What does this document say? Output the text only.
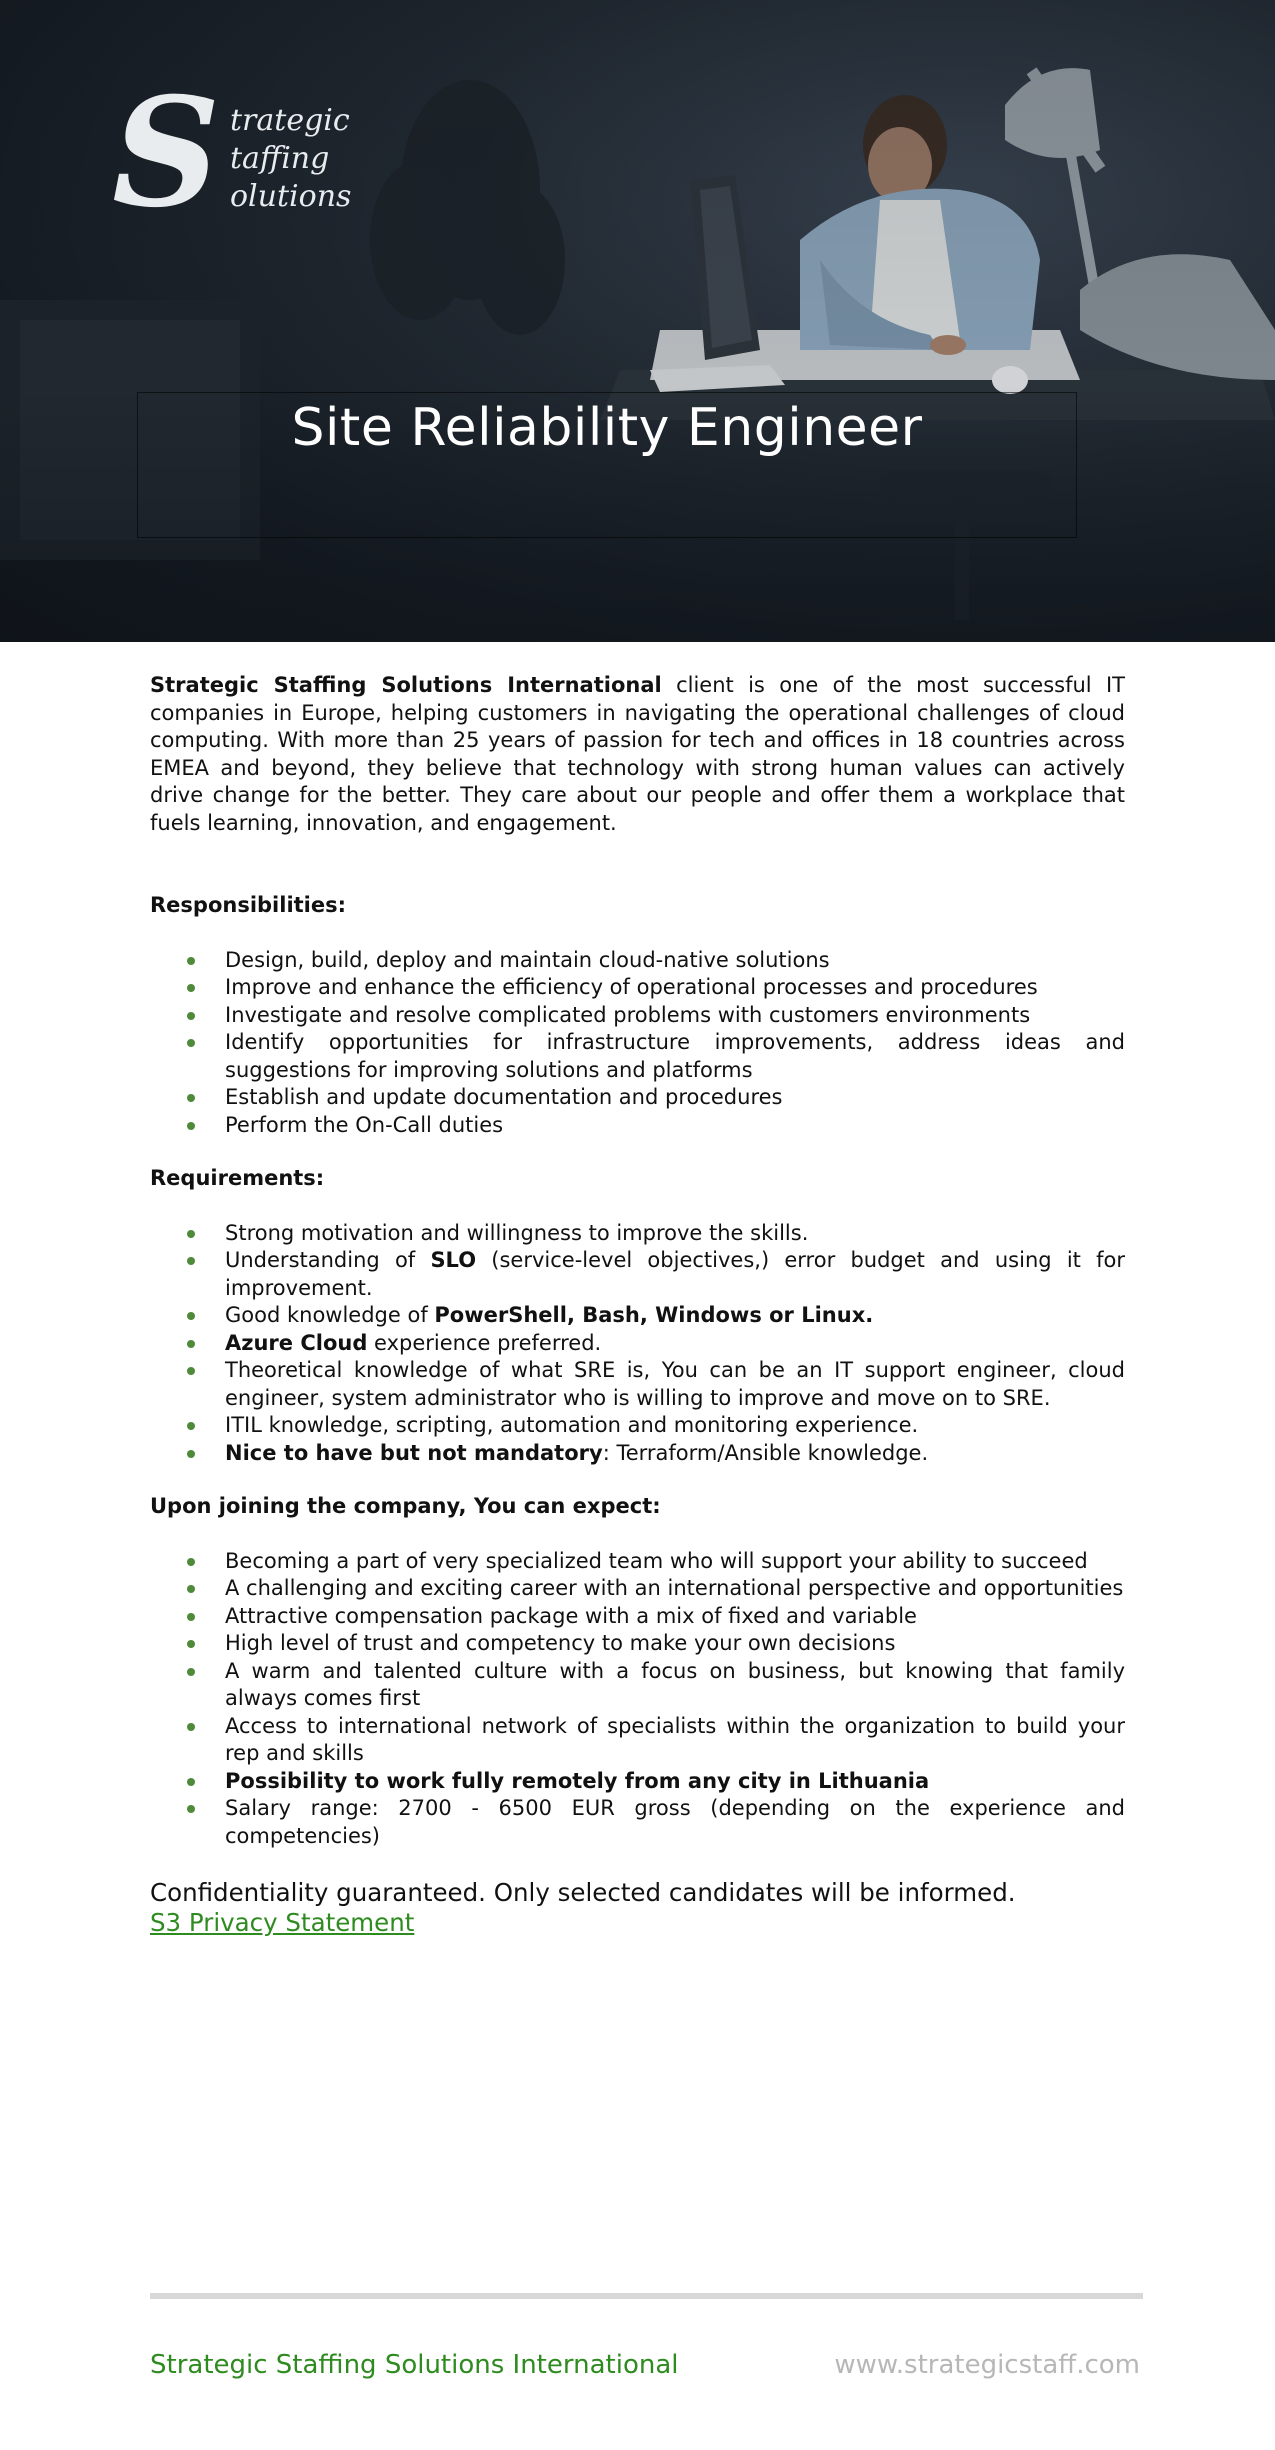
S trategic
taffing
olutions
Site Reliability Engineer

Strategic Staffing Solutions International client is one of the most successful IT companies in Europe, helping customers in navigating the operational challenges of cloud computing. With more than 25 years of passion for tech and offices in 18 countries across EMEA and beyond, they believe that technology with strong human values can actively drive change for the better. They care about our people and offer them a workplace that fuels learning, innovation, and engagement.

Responsibilities:

Design, build, deploy and maintain cloud-native solutions
Improve and enhance the efficiency of operational processes and procedures
Investigate and resolve complicated problems with customers environments
Identify opportunities for infrastructure improvements, address ideas and suggestions for improving solutions and platforms
Establish and update documentation and procedures
Perform the On-Call duties

Requirements:

Strong motivation and willingness to improve the skills.
Understanding of SLO (service-level objectives,) error budget and using it for improvement.
Good knowledge of PowerShell, Bash, Windows or Linux.
Azure Cloud experience preferred.
Theoretical knowledge of what SRE is, You can be an IT support engineer, cloud engineer, system administrator who is willing to improve and move on to SRE.
ITIL knowledge, scripting, automation and monitoring experience.
Nice to have but not mandatory: Terraform/Ansible knowledge.

Upon joining the company, You can expect:

Becoming a part of very specialized team who will support your ability to succeed
A challenging and exciting career with an international perspective and opportunities
Attractive compensation package with a mix of fixed and variable
High level of trust and competency to make your own decisions
A warm and talented culture with a focus on business, but knowing that family always comes first
Access to international network of specialists within the organization to build your rep and skills
Possibility to work fully remotely from any city in Lithuania
Salary range: 2700 - 6500 EUR gross (depending on the experience and competencies)

Confidentiality guaranteed. Only selected candidates will be informed.

S3 Privacy Statement
Strategic Staffing Solutions International	www.strategicstaff.com
